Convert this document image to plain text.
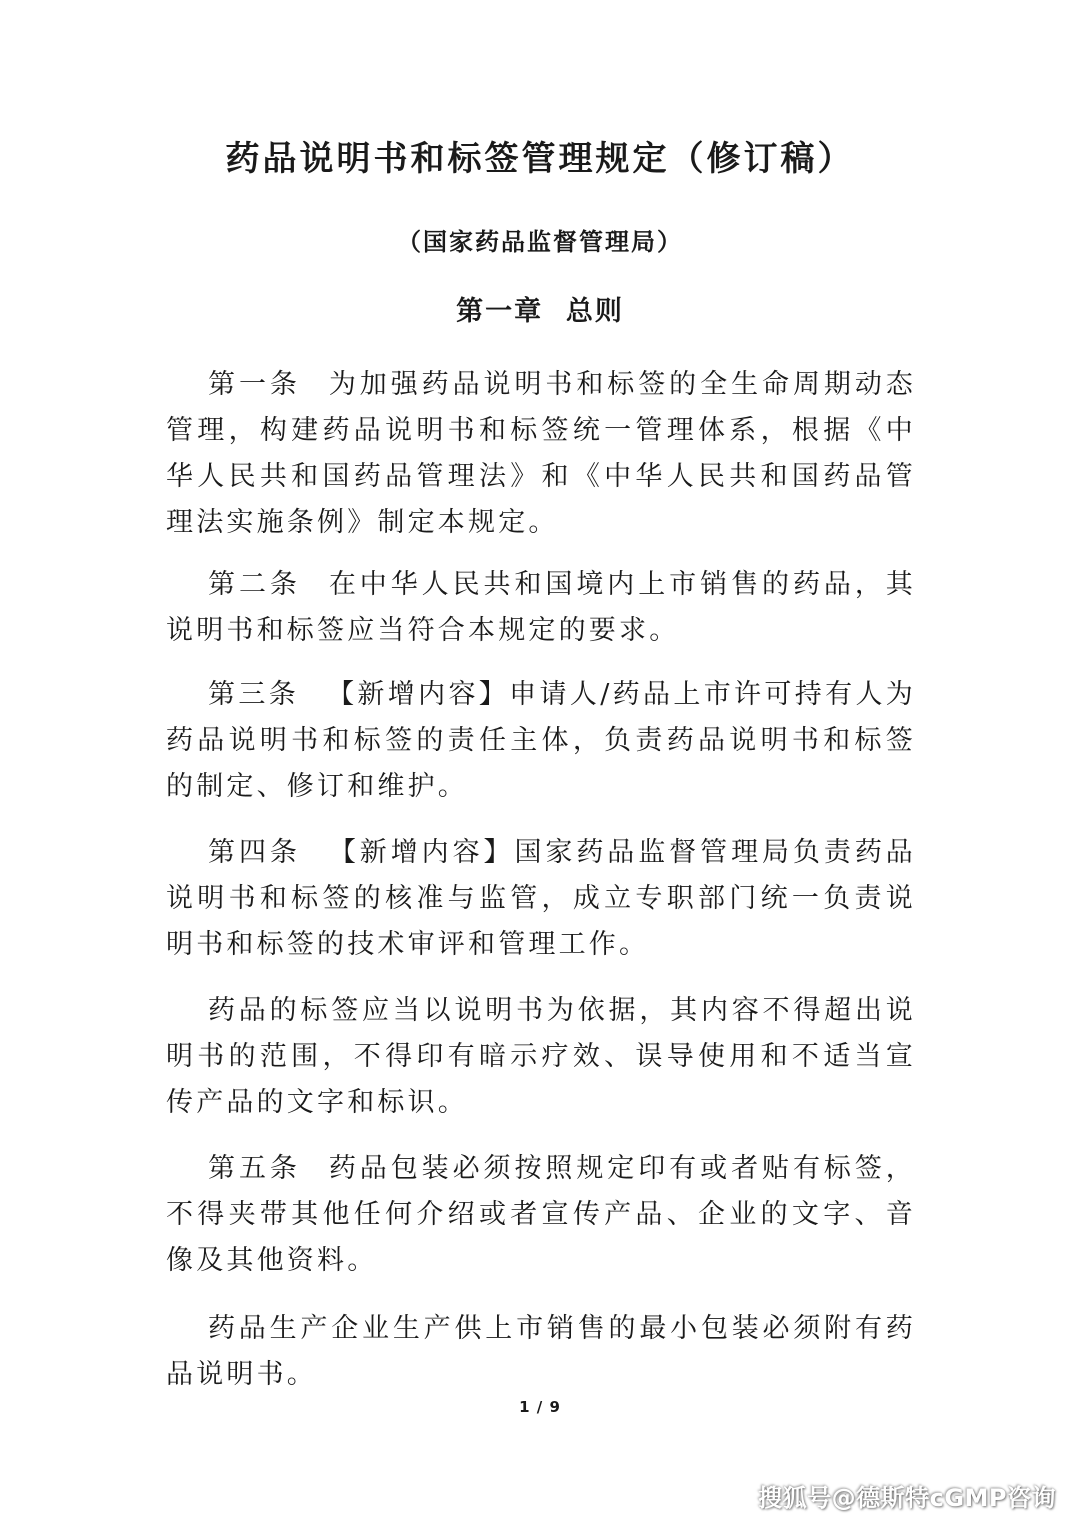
药品说明书和标签管理规定（修订稿）
（国家药品监督管理局）
第一章  总则

第一条 为加强药品说明书和标签的全生命周期动态管理，构建药品说明书和标签统一管理体系，根据《中华人民共和国药品管理法》和《中华人民共和国药品管理法实施条例》制定本规定。

第二条 在中华人民共和国境内上市销售的药品，其说明书和标签应当符合本规定的要求。

第三条 【新增内容】申请人/药品上市许可持有人为药品说明书和标签的责任主体，负责药品说明书和标签的制定、修订和维护。

第四条 【新增内容】国家药品监督管理局负责药品说明书和标签的核准与监管，成立专职部门统一负责说明书和标签的技术审评和管理工作。

药品的标签应当以说明书为依据，其内容不得超出说明书的范围，不得印有暗示疗效、误导使用和不适当宣传产品的文字和标识。

第五条 药品包装必须按照规定印有或者贴有标签，不得夹带其他任何介绍或者宣传产品、企业的文字、音像及其他资料。

药品生产企业生产供上市销售的最小包装必须附有药品说明书。

1 / 9
搜狐号@德斯特cGMP咨询
